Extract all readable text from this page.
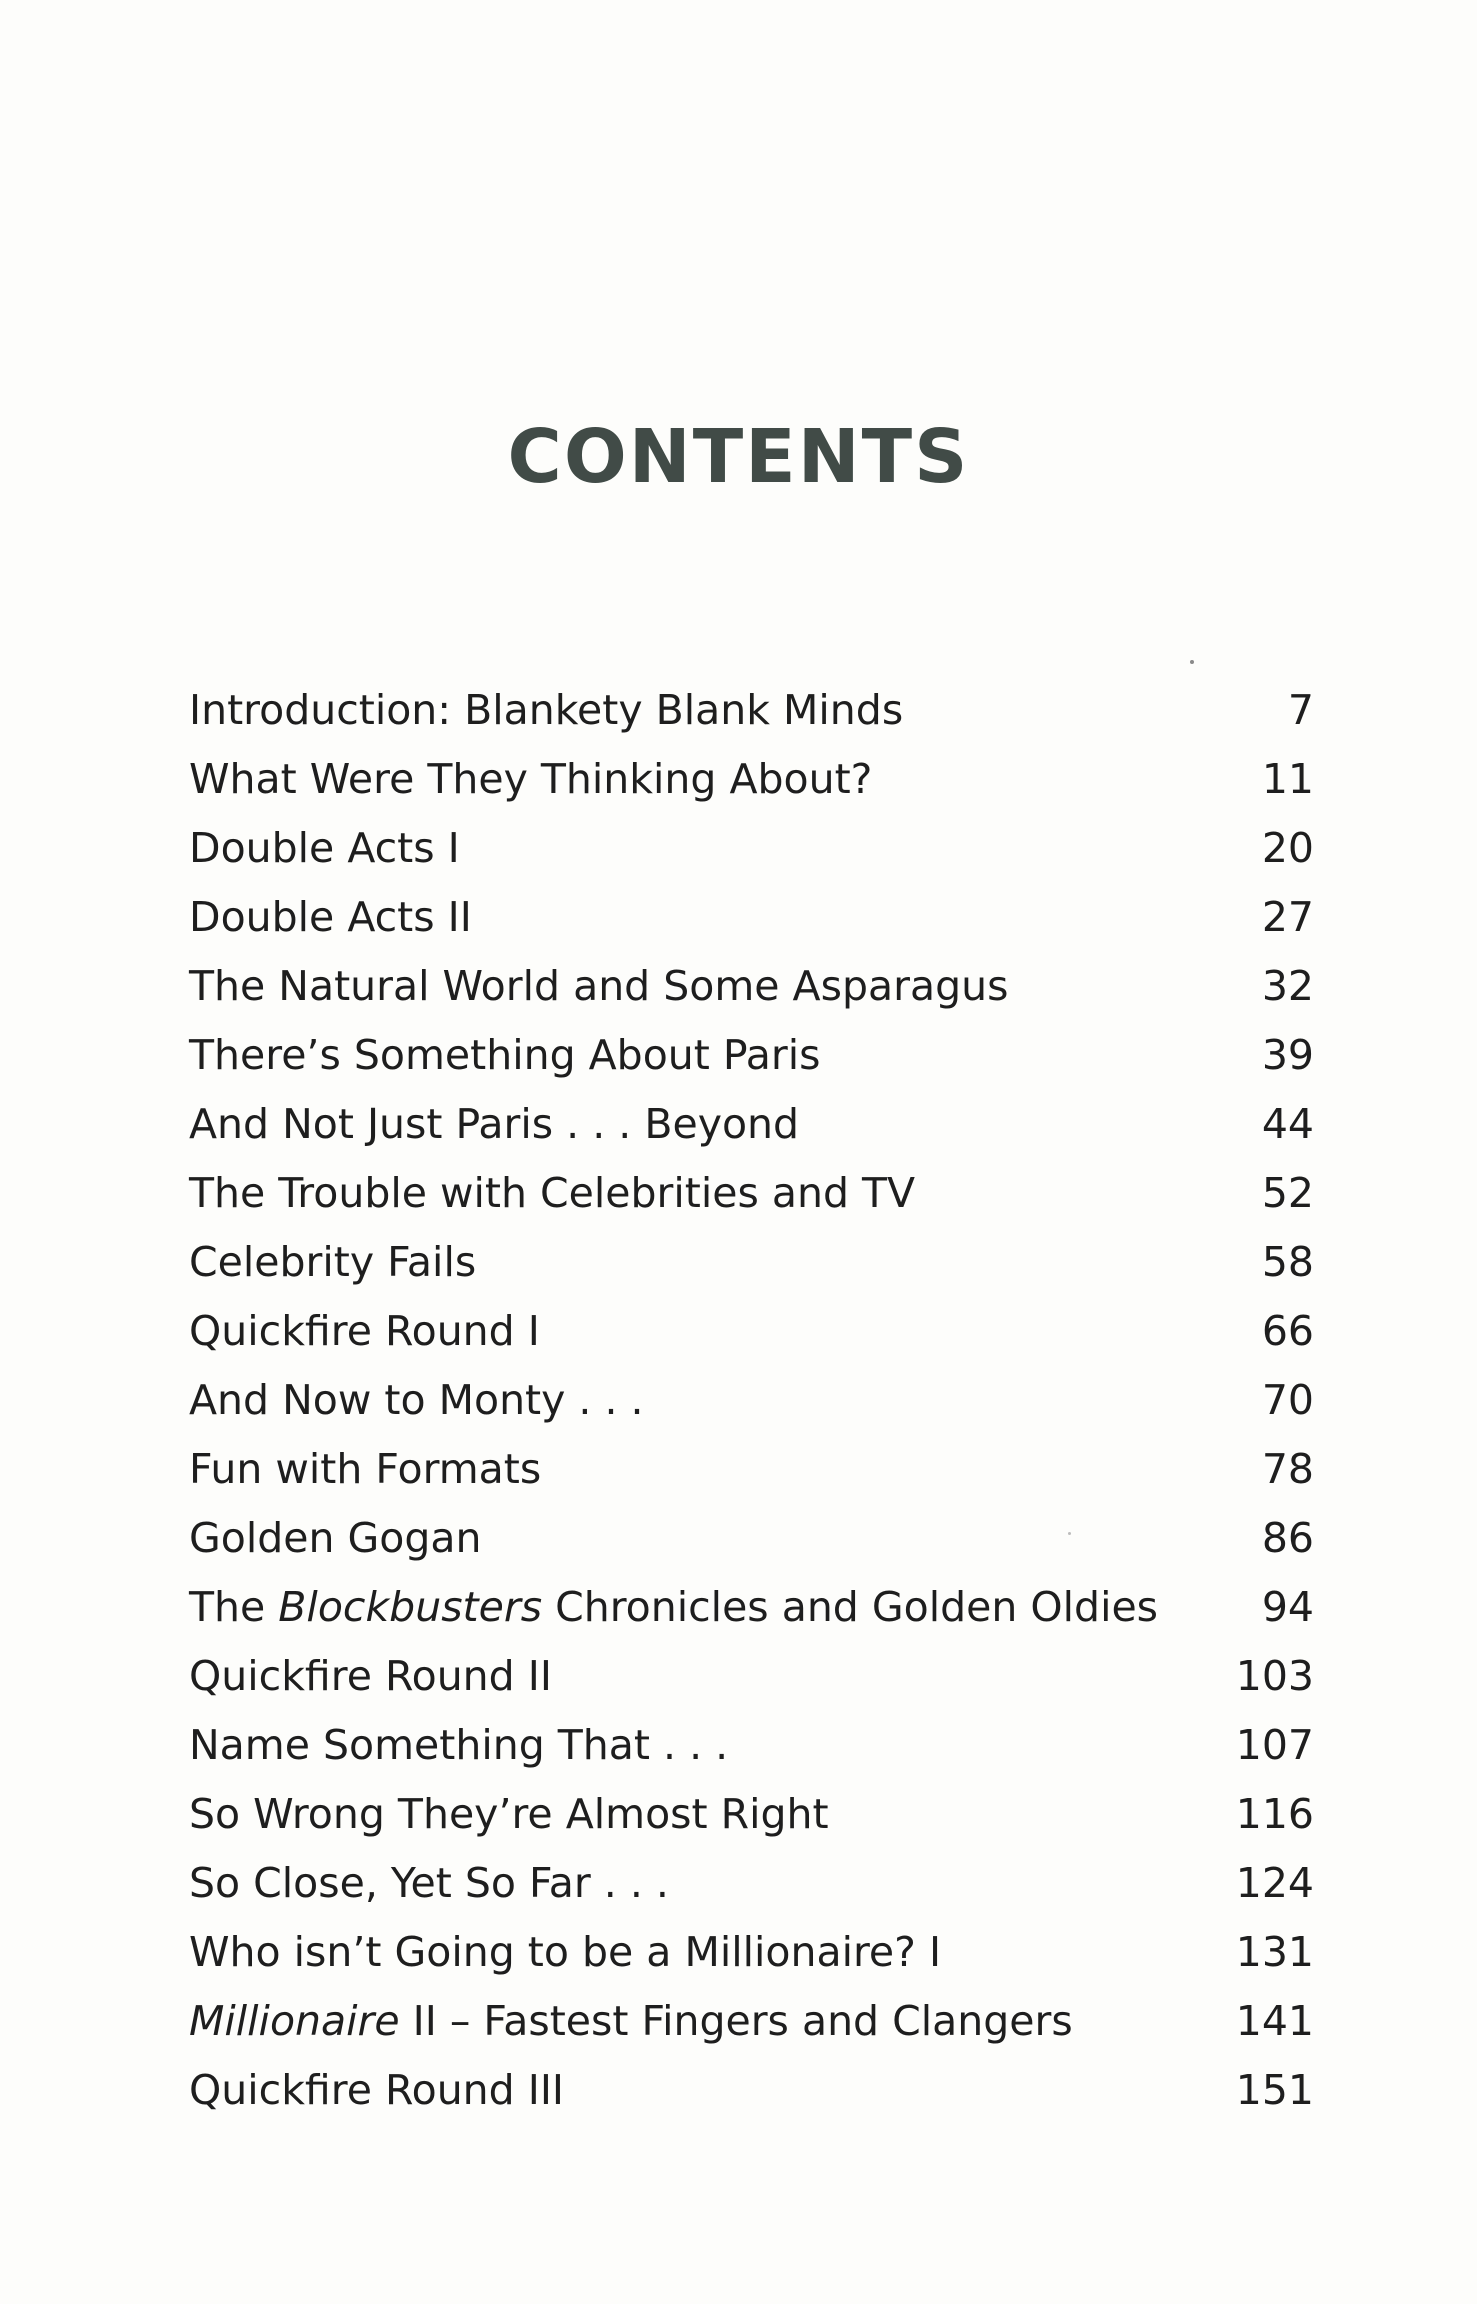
CONTENTS
Introduction: Blankety Blank Minds	7
What Were They Thinking About?	11
Double Acts I	20
Double Acts II	27
The Natural World and Some Asparagus	32
There’s Something About Paris	39
And Not Just Paris . . . Beyond	44
The Trouble with Celebrities and TV	52
Celebrity Fails	58
Quickfire Round I	66
And Now to Monty . . .	70
Fun with Formats	78
Golden Gogan	86
The Blockbusters Chronicles and Golden Oldies	94
Quickfire Round II	103
Name Something That . . .	107
So Wrong They’re Almost Right	116
So Close, Yet So Far . . .	124
Who isn’t Going to be a Millionaire? I	131
Millionaire II – Fastest Fingers and Clangers	141
Quickfire Round III	151
